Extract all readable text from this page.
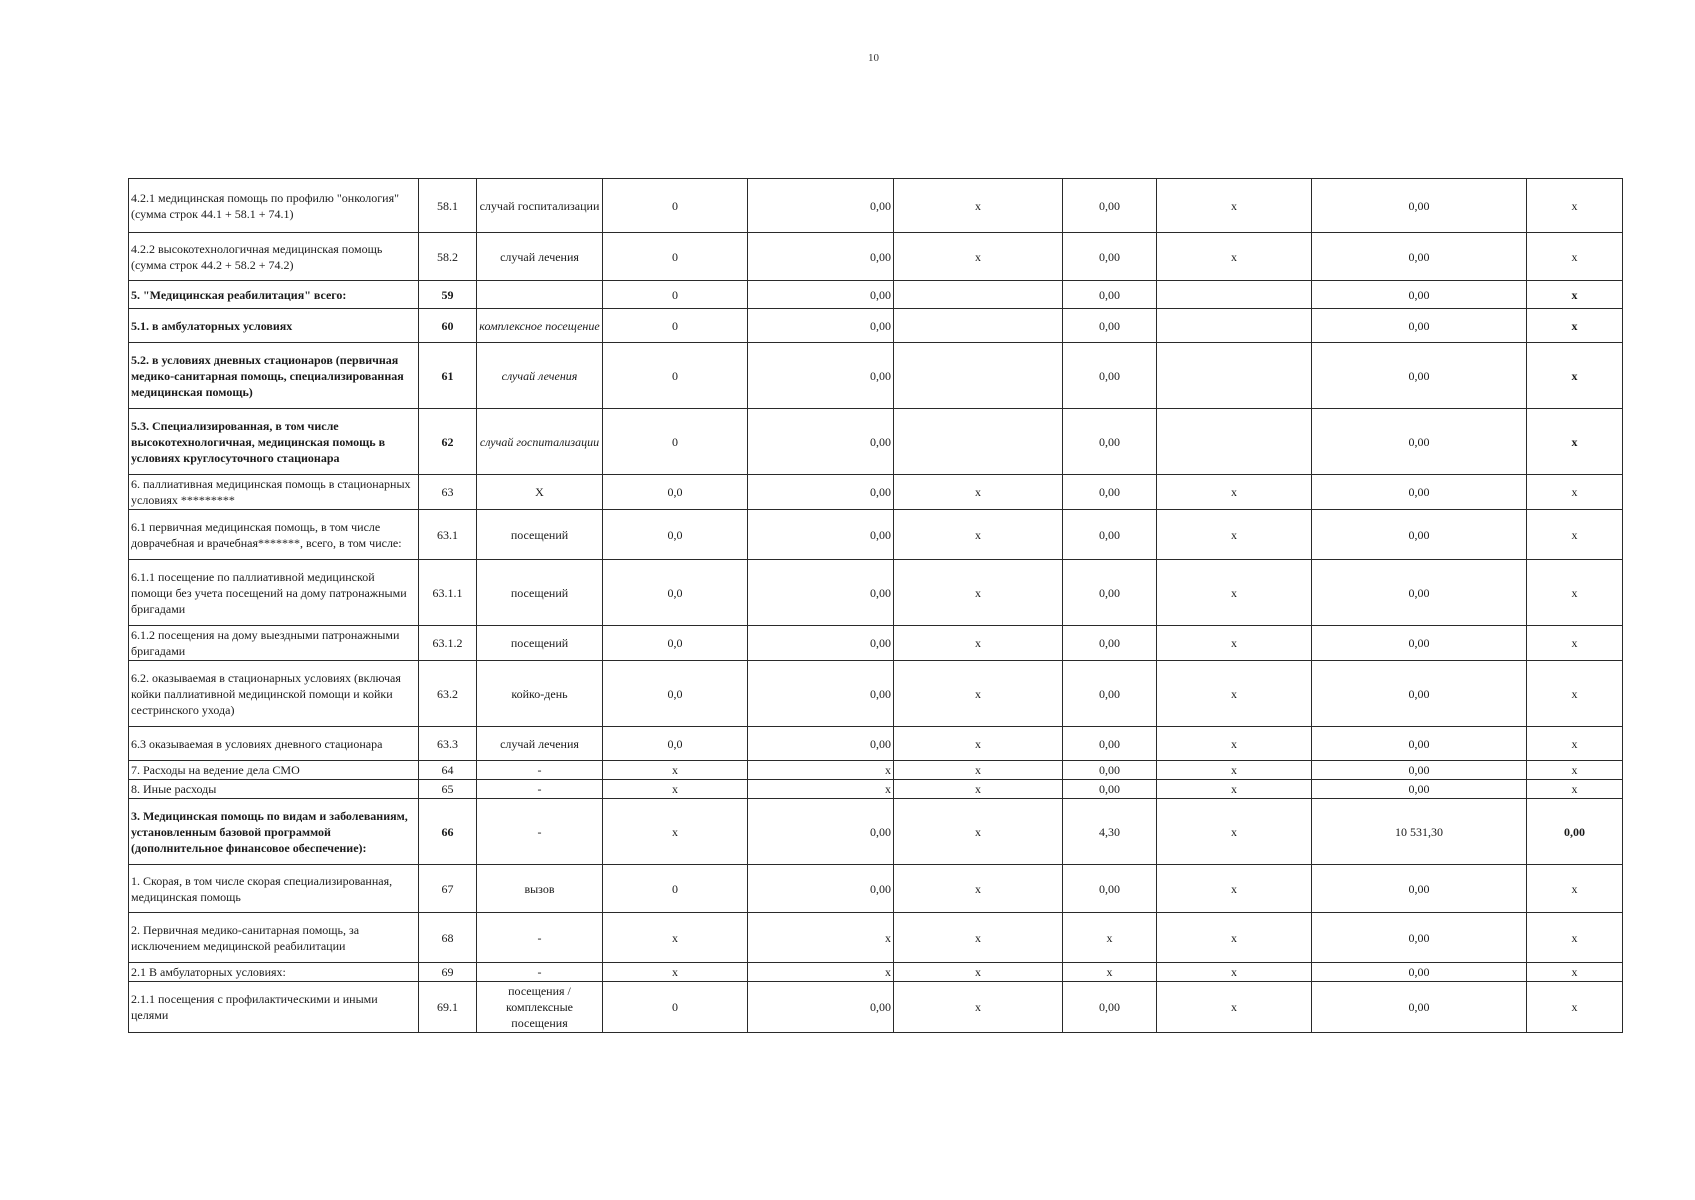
10
4.2.1 медицинская помощь по профилю "онкология" (сумма строк 44.1 + 58.1 + 74.1)	58.1	случай госпитализации	0	0,00	x	0,00	x	0,00	x
4.2.2 высокотехнологичная медицинская помощь (сумма строк 44.2 + 58.2 + 74.2)	58.2	случай лечения	0	0,00	x	0,00	x	0,00	x
5. "Медицинская реабилитация" всего:	59		0	0,00		0,00		0,00	x
5.1. в амбулаторных условиях	60	комплексное посещение	0	0,00		0,00		0,00	x
5.2. в условиях дневных стационаров (первичная медико-санитарная помощь, специализированная медицинская помощь)	61	случай лечения	0	0,00		0,00		0,00	x
5.3. Специализированная, в том числе высокотехнологичная, медицинская помощь в условиях круглосуточного стационара	62	случай госпитализации	0	0,00		0,00		0,00	x
6. паллиативная медицинская помощь в стационарных условиях *********	63	X	0,0	0,00	x	0,00	x	0,00	x
6.1 первичная медицинская помощь, в том числе доврачебная и врачебная*******, всего, в том числе:	63.1	посещений	0,0	0,00	x	0,00	x	0,00	x
6.1.1 посещение по паллиативной медицинской помощи без учета посещений на дому патронажными бригадами	63.1.1	посещений	0,0	0,00	x	0,00	x	0,00	x
6.1.2 посещения на дому выездными патронажными бригадами	63.1.2	посещений	0,0	0,00	x	0,00	x	0,00	x
6.2. оказываемая в стационарных условиях (включая койки паллиативной медицинской помощи и койки сестринского ухода)	63.2	койко-день	0,0	0,00	x	0,00	x	0,00	x
6.3 оказываемая в условиях дневного стационара	63.3	случай лечения	0,0	0,00	x	0,00	x	0,00	x
7. Расходы на ведение дела СМО	64	-	x	x	x	0,00	x	0,00	x
8. Иные расходы	65	-	x	x	x	0,00	x	0,00	x
3. Медицинская помощь по видам и заболеваниям, установленным базовой программой (дополнительное финансовое обеспечение):	66	-	x	0,00	x	4,30	x	10 531,30	0,00
1. Скорая, в том числе скорая специализированная, медицинская помощь	67	вызов	0	0,00	x	0,00	x	0,00	x
2. Первичная медико-санитарная помощь, за исключением медицинской реабилитации	68	-	x	x	x	x	x	0,00	x
2.1 В амбулаторных условиях:	69	-	x	x	x	x	x	0,00	x
2.1.1 посещения с профилактическими и иными целями	69.1	посещения / комплексные посещения	0	0,00	x	0,00	x	0,00	x
